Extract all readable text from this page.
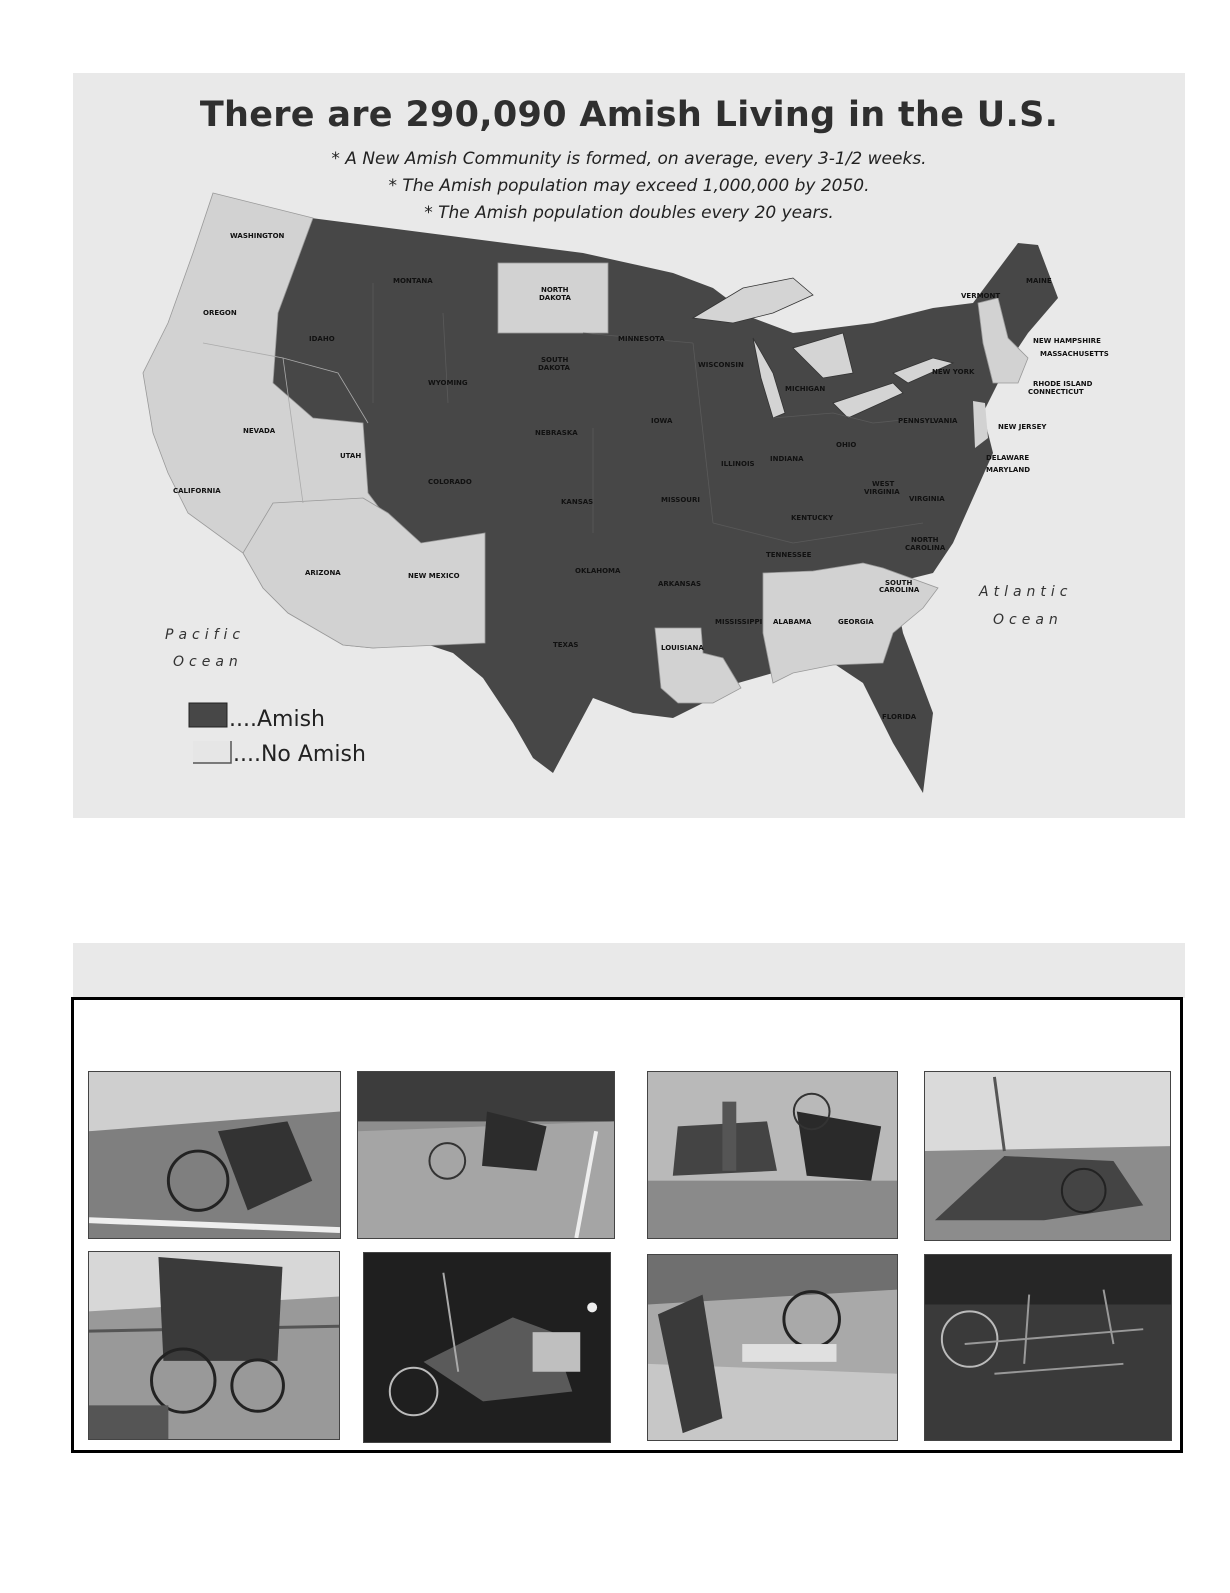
WASHINGTON
OREGON
CALIFORNIA
NEVADA
IDAHO
MONTANA
WYOMING
UTAH
COLORADO
ARIZONA	NEW MEXICO
NORTH
DAKOTA
SOUTH
DAKOTA
NEBRASKA
KANSAS
OKLAHOMA
TEXAS
MINNESOTA
IOWA
MISSOURI
ARKANSAS
LOUISIANA
WISCONSIN
ILLINOIS
MICHIGAN
INDIANA
OHIO
KENTUCKY
TENNESSEE
MISSISSIPPI ALABAMA	GEORGIA
FLORIDA
SOUTH
CAROLINA
NORTH
CAROLINA
VIRGINIA
WEST
VIRGINIA
PENNSYLVANIA
NEW YORK
NEW JERSEY
DELAWARE
MARYLAND
VERMONT
MAINE
NEW HAMPSHIRE
MASSACHUSETTS
RHODE ISLAND
CONNECTICUT
Pacific
Ocean
Atlantic
Ocean
....Amish
....No Amish
There are 290,090 Amish Living in the U.S.
* A New Amish Community is formed, on average, every 3-1/2 weeks.
* The Amish population may exceed 1,000,000 by 2050.
* The Amish population doubles every 20 years.
